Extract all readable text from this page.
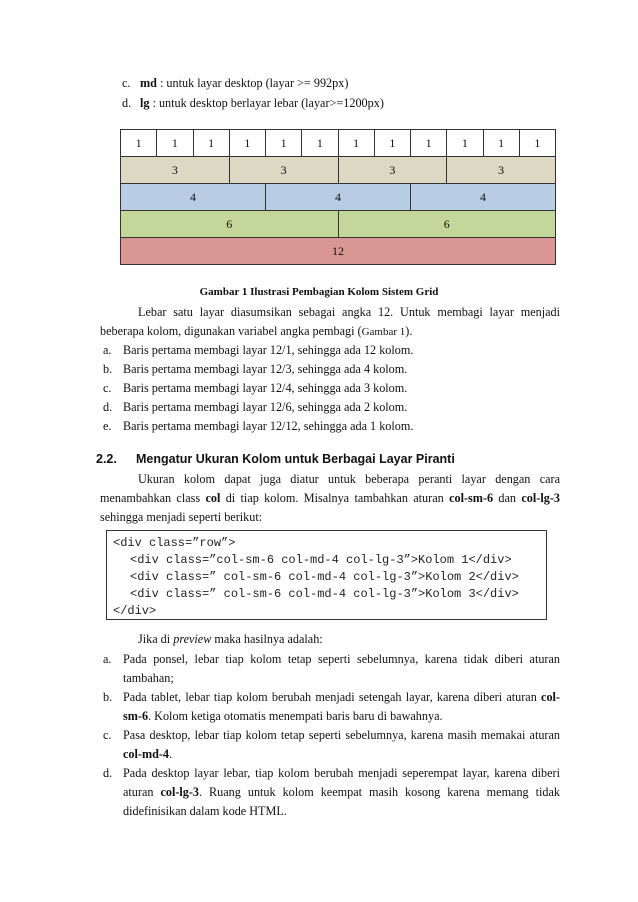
c. md : untuk layar desktop (layar >= 992px)
d. lg : untuk desktop berlayar lebar (layar>=1200px)
1	1	1	1	1	1	1	1	1	1	1	1
3	3	3	3
4	4	4
6	6
12
Gambar 1 Ilustrasi Pembagian Kolom Sistem Grid
Lebar satu layar diasumsikan sebagai angka 12. Untuk membagi layar menjadi beberapa kolom, digunakan variabel angka pembagi (Gambar 1).
a. Baris pertama membagi layar 12/1, sehingga ada 12 kolom.
b. Baris pertama membagi layar 12/3, sehingga ada 4 kolom.
c. Baris pertama membagi layar 12/4, sehingga ada 3 kolom.
d. Baris pertama membagi layar 12/6, sehingga ada 2 kolom.
e. Baris pertama membagi layar 12/12, sehingga ada 1 kolom.
2.2. Mengatur Ukuran Kolom untuk Berbagai Layar Piranti
Ukuran kolom dapat juga diatur untuk beberapa peranti layar dengan cara menambahkan class col di tiap kolom. Misalnya tambahkan aturan col-sm-6 dan col-lg-3 sehingga menjadi seperti berikut:
<div class=”row”>
<div class=”col-sm-6 col-md-4 col-lg-3”>Kolom 1</div>
<div class=” col-sm-6 col-md-4 col-lg-3”>Kolom 2</div>
<div class=” col-sm-6 col-md-4 col-lg-3”>Kolom 3</div>
</div>
Jika di preview maka hasilnya adalah:
a. Pada ponsel, lebar tiap kolom tetap seperti sebelumnya, karena tidak diberi aturan tambahan;
b. Pada tablet, lebar tiap kolom berubah menjadi setengah layar, karena diberi aturan col-sm-6. Kolom ketiga otomatis menempati baris baru di bawahnya.
c. Pasa desktop, lebar tiap kolom tetap seperti sebelumnya, karena masih memakai aturan col-md-4.
d. Pada desktop layar lebar, tiap kolom berubah menjadi seperempat layar, karena diberi aturan col-lg-3. Ruang untuk kolom keempat masih kosong karena memang tidak didefinisikan dalam kode HTML.
